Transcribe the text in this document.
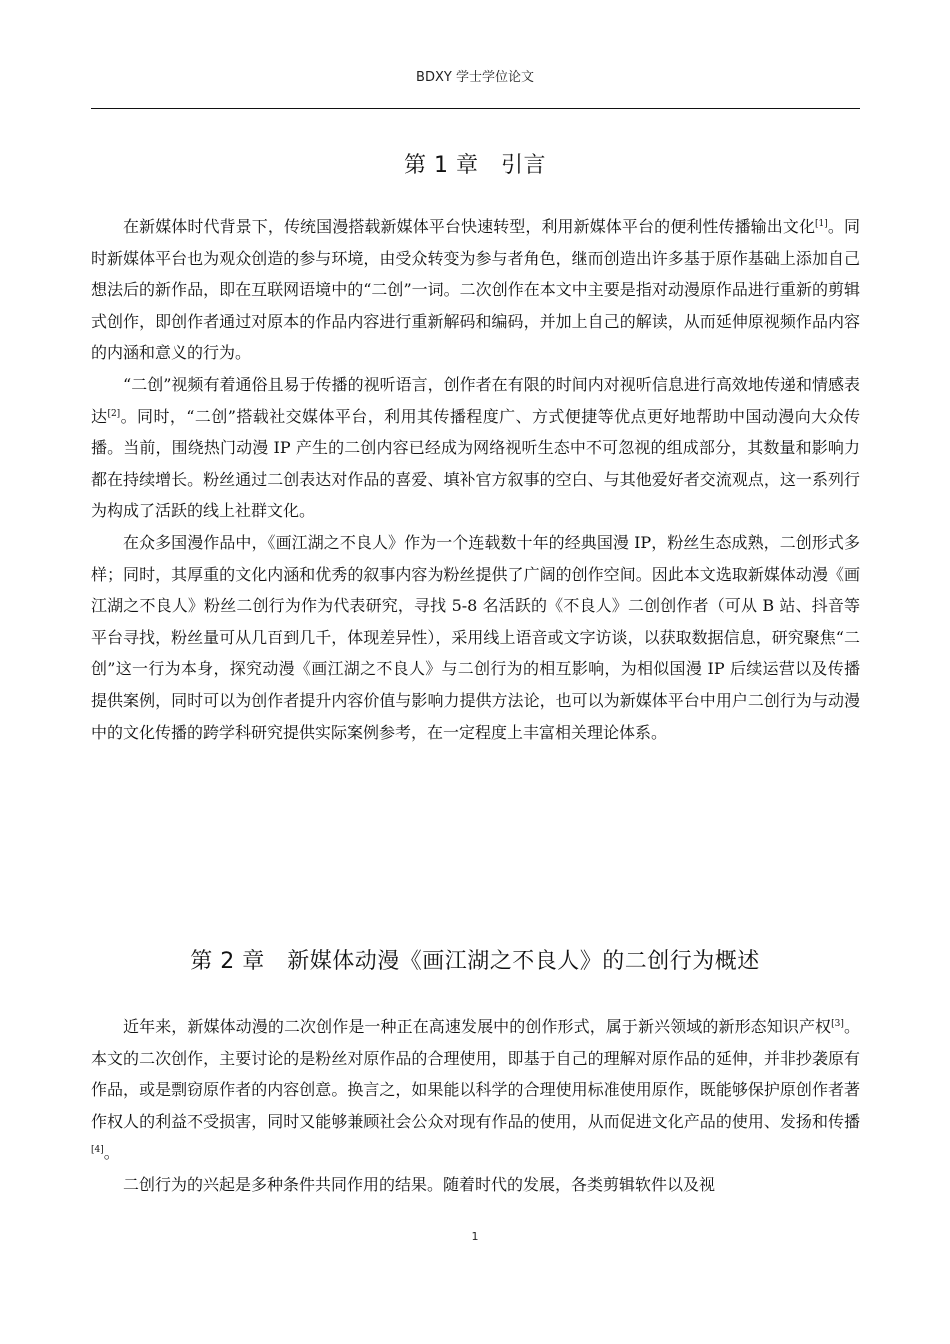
BDXY 学士学位论文
第 1 章　引言

在新媒体时代背景下，传统国漫搭载新媒体平台快速转型，利用新媒体平台的便利性传播输出文化[1]。同时新媒体平台也为观众创造的参与环境，由受众转变为参与者角色，继而创造出许多基于原作基础上添加自己想法后的新作品，即在互联网语境中的“二创”一词。二次创作在本文中主要是指对动漫原作品进行重新的剪辑式创作，即创作者通过对原本的作品内容进行重新解码和编码，并加上自己的解读，从而延伸原视频作品内容的内涵和意义的行为。

“二创”视频有着通俗且易于传播的视听语言，创作者在有限的时间内对视听信息进行高效地传递和情感表达[2]。同时，“二创”搭载社交媒体平台，利用其传播程度广、方式便捷等优点更好地帮助中国动漫向大众传播。当前，围绕热门动漫 IP 产生的二创内容已经成为网络视听生态中不可忽视的组成部分，其数量和影响力都在持续增长。粉丝通过二创表达对作品的喜爱、填补官方叙事的空白、与其他爱好者交流观点，这一系列行为构成了活跃的线上社群文化。

在众多国漫作品中，《画江湖之不良人》作为一个连载数十年的经典国漫 IP，粉丝生态成熟，二创形式多样；同时，其厚重的文化内涵和优秀的叙事内容为粉丝提供了广阔的创作空间。因此本文选取新媒体动漫《画江湖之不良人》粉丝二创行为作为代表研究，寻找 5-8 名活跃的《不良人》二创创作者（可从 B 站、抖音等平台寻找，粉丝量可从几百到几千，体现差异性），采用线上语音或文字访谈，以获取数据信息，研究聚焦“二创”这一行为本身，探究动漫《画江湖之不良人》与二创行为的相互影响，为相似国漫 IP 后续运营以及传播提供案例，同时可以为创作者提升内容价值与影响力提供方法论，也可以为新媒体平台中用户二创行为与动漫中的文化传播的跨学科研究提供实际案例参考，在一定程度上丰富相关理论体系。

第 2 章　新媒体动漫《画江湖之不良人》的二创行为概述

近年来，新媒体动漫的二次创作是一种正在高速发展中的创作形式，属于新兴领域的新形态知识产权[3]。本文的二次创作，主要讨论的是粉丝对原作品的合理使用，即基于自己的理解对原作品的延伸，并非抄袭原有作品，或是剽窃原作者的内容创意。换言之，如果能以科学的合理使用标准使用原作，既能够保护原创作者著作权人的利益不受损害，同时又能够兼顾社会公众对现有作品的使用，从而促进文化产品的使用、发扬和传播[4]。

二创行为的兴起是多种条件共同作用的结果。随着时代的发展，各类剪辑软件以及视

1
